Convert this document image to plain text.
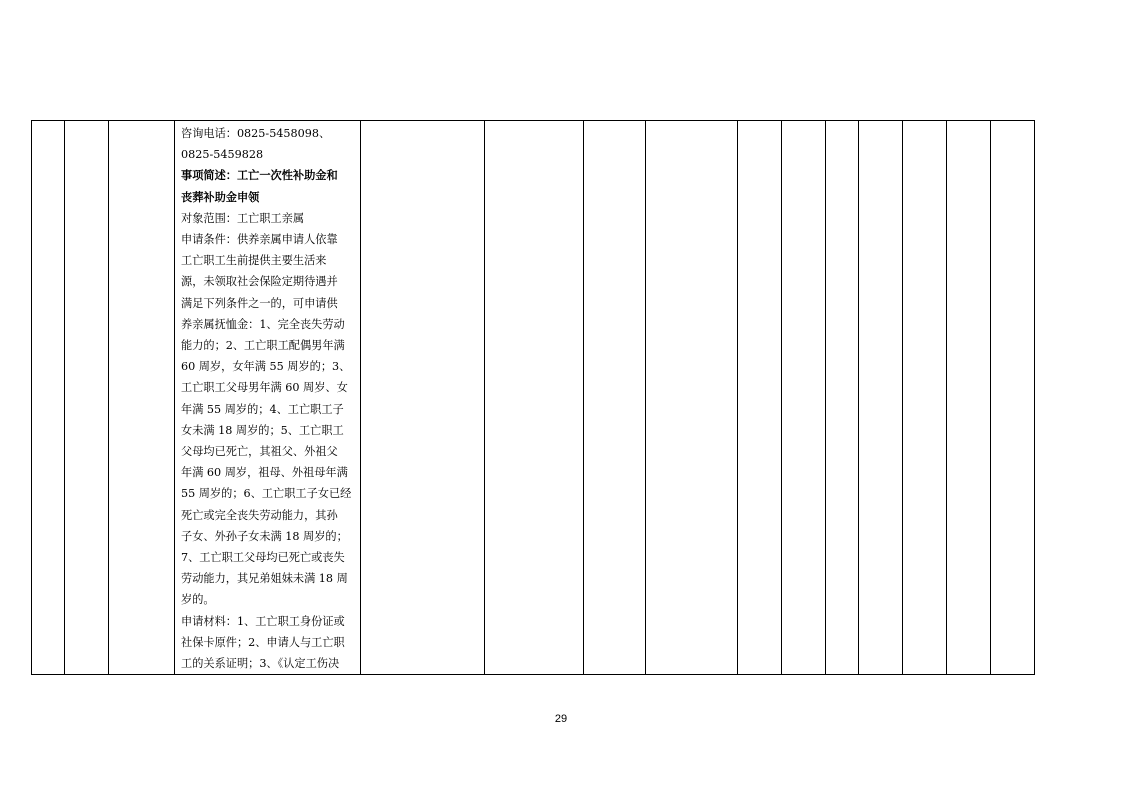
咨询电话：0825-5458098、
0825-5459828
事项简述：工亡一次性补助金和
丧葬补助金申领
对象范围：工亡职工亲属
申请条件：供养亲属申请人依靠
工亡职工生前提供主要生活来
源，未领取社会保险定期待遇并
满足下列条件之一的，可申请供
养亲属抚恤金：1、完全丧失劳动
能力的；2、工亡职工配偶男年满
60 周岁，女年满 55 周岁的；3、
工亡职工父母男年满 60 周岁、女
年满 55 周岁的；4、工亡职工子
女未满 18 周岁的；5、工亡职工
父母均已死亡，其祖父、外祖父
年满 60 周岁，祖母、外祖母年满
55 周岁的；6、工亡职工子女已经
死亡或完全丧失劳动能力，其孙
子女、外孙子女未满 18 周岁的；
7、工亡职工父母均已死亡或丧失
劳动能力，其兄弟姐妹未满 18 周
岁的。
申请材料：1、工亡职工身份证或
社保卡原件；2、申请人与工亡职
工的关系证明；3、《认定工伤决

29
